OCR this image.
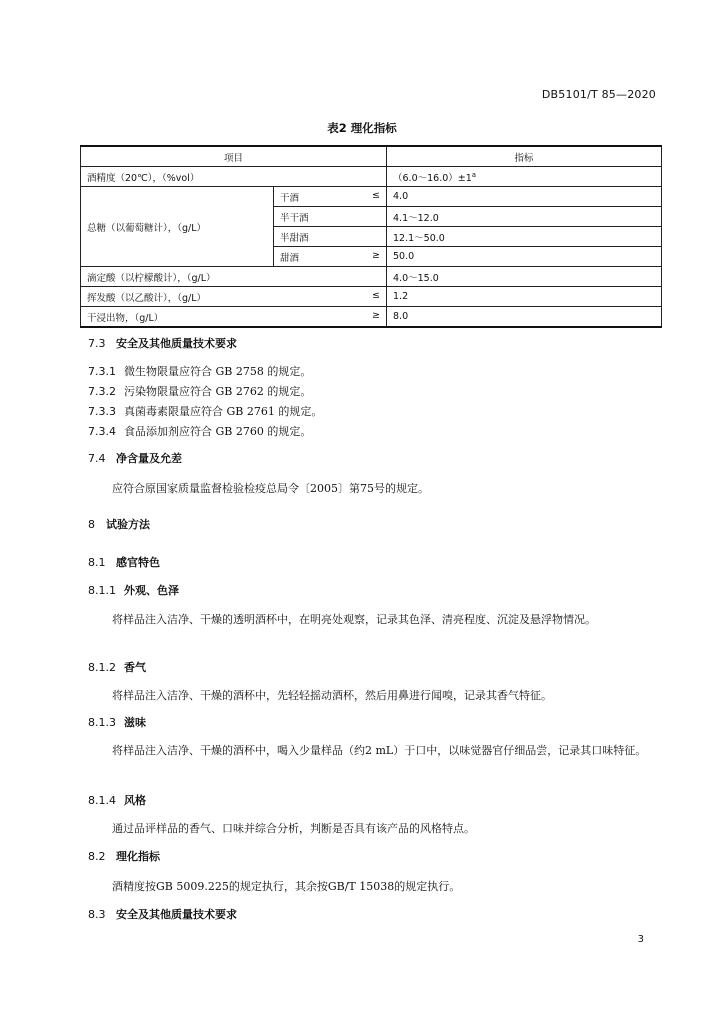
DB5101/T 85—2020
表2 理化指标
项目		指标
酒精度（20℃），（%vol）		$(6.0\sim 16.0)\pm 1^a$
总糖（以葡萄糖计），（g/L）	干酒 ≤	4.0
	半干酒	4.1～12.0
	半甜酒	12.1～50.0
	甜酒 ≥	50.0
滴定酸（以柠檬酸计），（g/L）		4.0～15.0
挥发酸（以乙酸计），（g/L） ≤		1.2
干浸出物，（g/L） ≥		8.0
7.3 安全及其他质量技术要求
7.3.1 微生物限量应符合 GB 2758 的规定。
7.3.2 污染物限量应符合 GB 2762 的规定。
7.3.3 真菌毒素限量应符合 GB 2761 的规定。
7.3.4 食品添加剂应符合 GB 2760 的规定。
7.4 净含量及允差
应符合原国家质量监督检验检疫总局令〔2005〕第75号的规定。
8 试验方法
8.1 感官特色
8.1.1 外观、色泽
将样品注入洁净、干燥的透明酒杯中，在明亮处观察，记录其色泽、清亮程度、沉淀及悬浮物情况。
8.1.2 香气
将样品注入洁净、干燥的酒杯中，先轻轻摇动酒杯，然后用鼻进行闻嗅，记录其香气特征。
8.1.3 滋味
将样品注入洁净、干燥的酒杯中，喝入少量样品（约2 mL）于口中，以味觉器官仔细品尝，记录其口味特征。
8.1.4 风格
通过品评样品的香气、口味并综合分析，判断是否具有该产品的风格特点。
8.2 理化指标
酒精度按GB 5009.225的规定执行，其余按GB/T 15038的规定执行。
8.3 安全及其他质量技术要求
3
